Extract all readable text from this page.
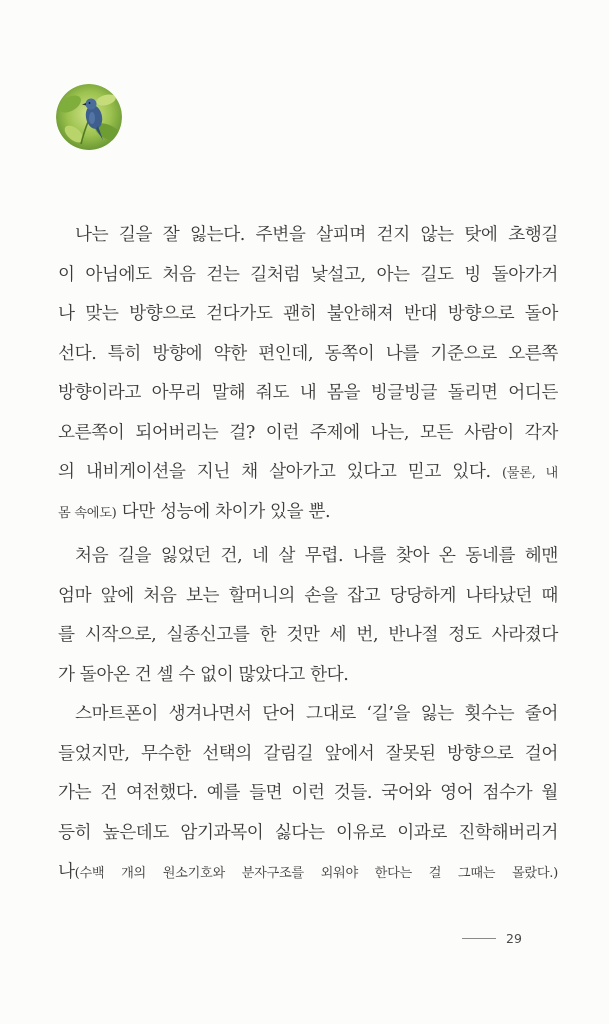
나는 길을 잘 잃는다. 주변을 살피며 걷지 않는 탓에 초행길
이 아님에도 처음 걷는 길처럼 낯설고, 아는 길도 빙 돌아가거
나 맞는 방향으로 걷다가도 괜히 불안해져 반대 방향으로 돌아
선다. 특히 방향에 약한 편인데, 동쪽이 나를 기준으로 오른쪽
방향이라고 아무리 말해 줘도 내 몸을 빙글빙글 돌리면 어디든
오른쪽이 되어버리는 걸? 이런 주제에 나는, 모든 사람이 각자
의 내비게이션을 지닌 채 살아가고 있다고 믿고 있다. (물론, 내
몸 속에도) 다만 성능에 차이가 있을 뿐.
처음 길을 잃었던 건, 네 살 무렵. 나를 찾아 온 동네를 헤맨
엄마 앞에 처음 보는 할머니의 손을 잡고 당당하게 나타났던 때
를 시작으로, 실종신고를 한 것만 세 번, 반나절 정도 사라졌다
가 돌아온 건 셀 수 없이 많았다고 한다.
스마트폰이 생겨나면서 단어 그대로 ‘길’을 잃는 횟수는 줄어
들었지만, 무수한 선택의 갈림길 앞에서 잘못된 방향으로 걸어
가는 건 여전했다. 예를 들면 이런 것들. 국어와 영어 점수가 월
등히 높은데도 암기과목이 싫다는 이유로 이과로 진학해버리거
나(수백 개의 원소기호와 분자구조를 외워야 한다는 걸 그때는 몰랐다.)
29
